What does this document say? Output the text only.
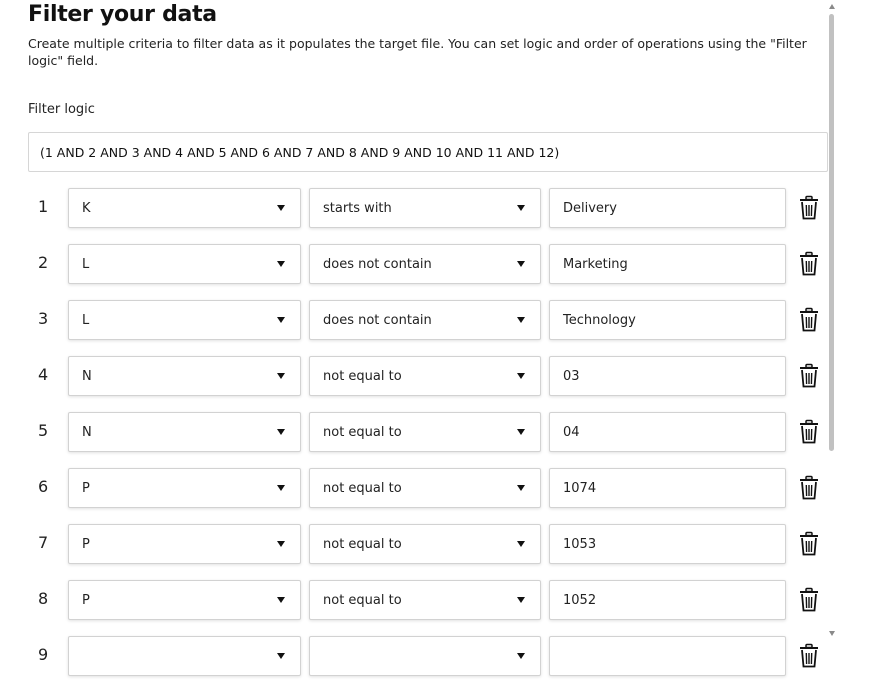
Filter your data

Create multiple criteria to filter data as it populates the target file. You can set logic and order of operations using the "Filter logic" field.

Filter logic
(1 AND 2 AND 3 AND 4 AND 5 AND 6 AND 7 AND 8 AND 9 AND 10 AND 11 AND 12)
1	K	starts with	Delivery
2	L	does not contain	Marketing
3	L	does not contain	Technology
4	N	not equal to	03
5	N	not equal to	04
6	P	not equal to	1074
7	P	not equal to	1053
8	P	not equal to	1052
9
